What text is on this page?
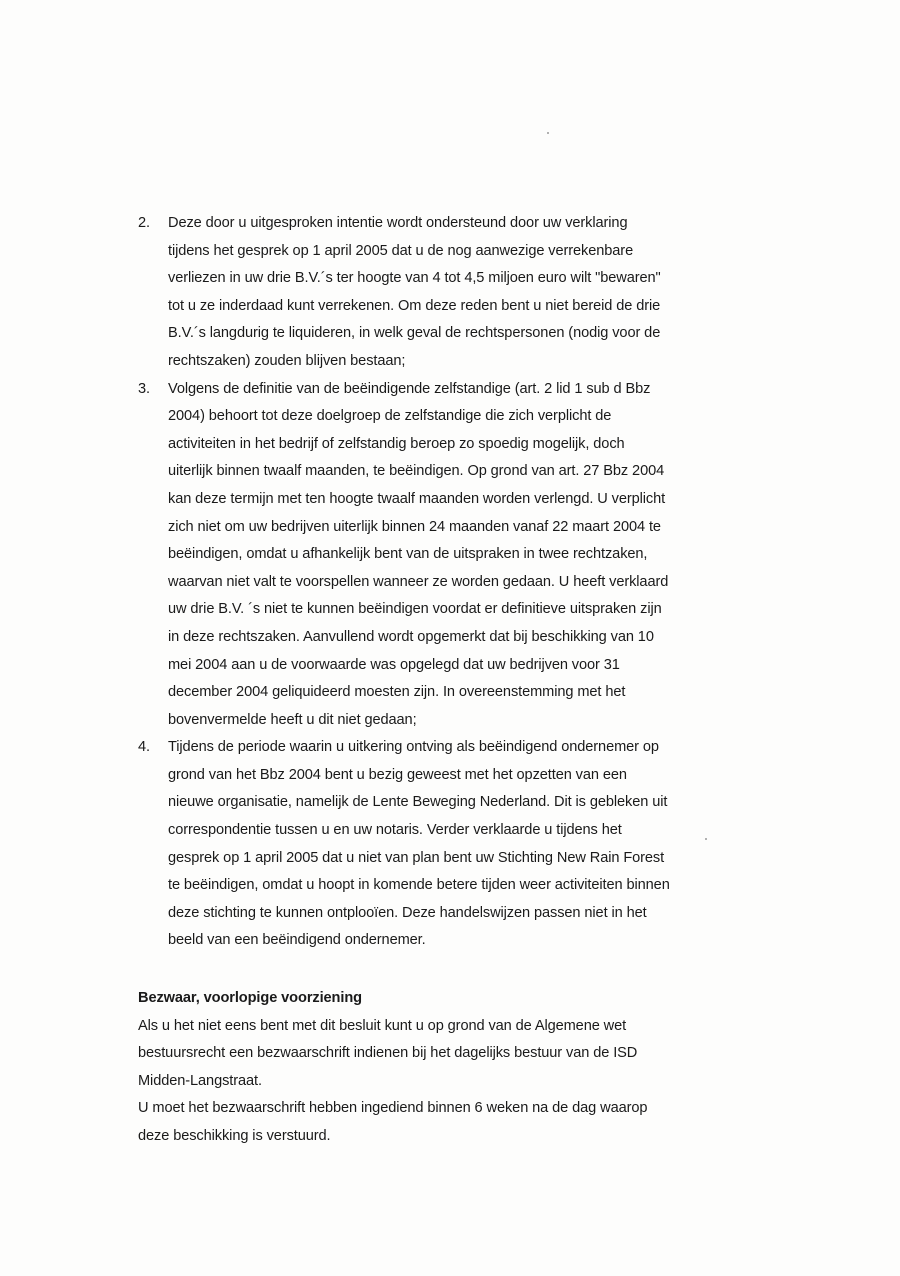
2. Deze door u uitgesproken intentie wordt ondersteund door uw verklaring
tijdens het gesprek op 1 april 2005 dat u de nog aanwezige verrekenbare
verliezen in uw drie B.V.´s ter hoogte van 4 tot 4,5 miljoen euro wilt "bewaren"
tot u ze inderdaad kunt verrekenen. Om deze reden bent u niet bereid de drie
B.V.´s langdurig te liquideren, in welk geval de rechtspersonen (nodig voor de
rechtszaken) zouden blijven bestaan;
3. Volgens de definitie van de beëindigende zelfstandige (art. 2 lid 1 sub d Bbz
2004) behoort tot deze doelgroep de zelfstandige die zich verplicht de
activiteiten in het bedrijf of zelfstandig beroep zo spoedig mogelijk, doch
uiterlijk binnen twaalf maanden, te beëindigen. Op grond van art. 27 Bbz 2004
kan deze termijn met ten hoogte twaalf maanden worden verlengd. U verplicht
zich niet om uw bedrijven uiterlijk binnen 24 maanden vanaf 22 maart 2004 te
beëindigen, omdat u afhankelijk bent van de uitspraken in twee rechtzaken,
waarvan niet valt te voorspellen wanneer ze worden gedaan. U heeft verklaard
uw drie B.V. ´s niet te kunnen beëindigen voordat er definitieve uitspraken zijn
in deze rechtszaken. Aanvullend wordt opgemerkt dat bij beschikking van 10
mei 2004 aan u de voorwaarde was opgelegd dat uw bedrijven voor 31
december 2004 geliquideerd moesten zijn. In overeenstemming met het
bovenvermelde heeft u dit niet gedaan;
4. Tijdens de periode waarin u uitkering ontving als beëindigend ondernemer op
grond van het Bbz 2004 bent u bezig geweest met het opzetten van een
nieuwe organisatie, namelijk de Lente Beweging Nederland. Dit is gebleken uit
correspondentie tussen u en uw notaris. Verder verklaarde u tijdens het
gesprek op 1 april 2005 dat u niet van plan bent uw Stichting New Rain Forest
te beëindigen, omdat u hoopt in komende betere tijden weer activiteiten binnen
deze stichting te kunnen ontplooïen. Deze handelswijzen passen niet in het
beeld van een beëindigend ondernemer.
Bezwaar, voorlopige voorziening

Als u het niet eens bent met dit besluit kunt u op grond van de Algemene wet
bestuursrecht een bezwaarschrift indienen bij het dagelijks bestuur van de ISD
Midden-Langstraat.

U moet het bezwaarschrift hebben ingediend binnen 6 weken na de dag waarop
deze beschikking is verstuurd.
